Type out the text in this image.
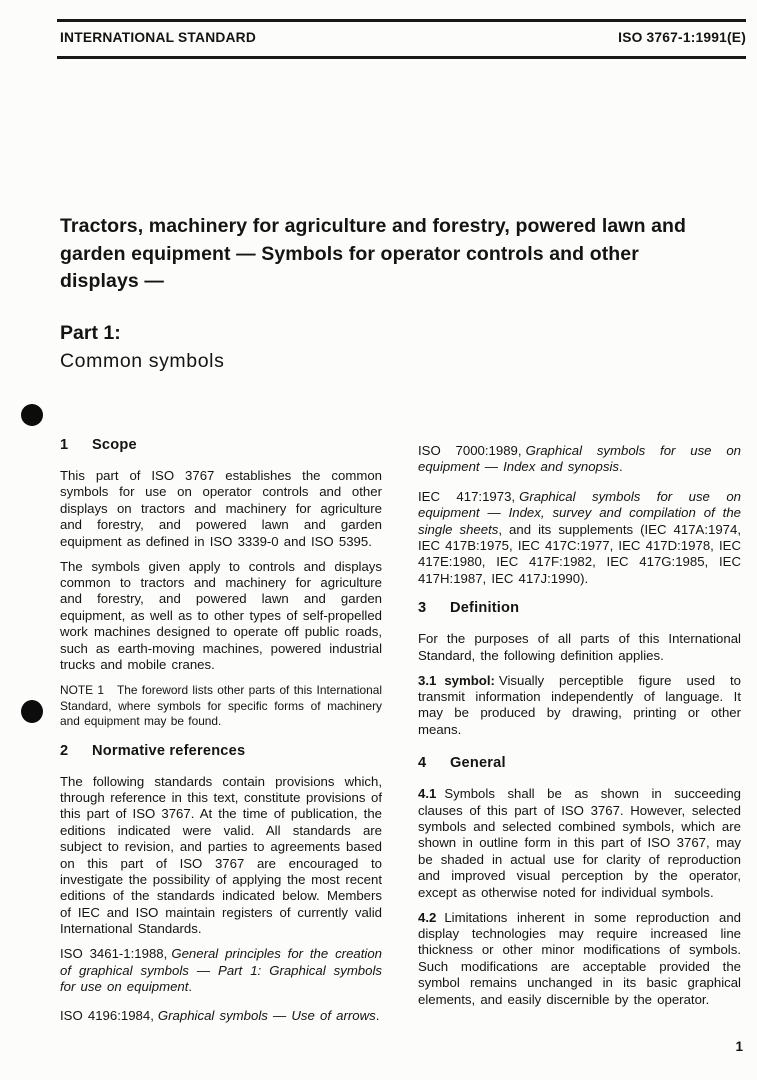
INTERNATIONAL STANDARD	ISO 3767-1:1991(E)
Tractors, machinery for agriculture and forestry, powered lawn and garden equipment — Symbols for operator controls and other displays —
Part 1:
Common symbols
1 Scope

This part of ISO 3767 establishes the common symbols for use on operator controls and other displays on tractors and machinery for agriculture and forestry, and powered lawn and garden equipment as defined in ISO 3339-0 and ISO 5395.

The symbols given apply to controls and displays common to tractors and machinery for agriculture and forestry, and powered lawn and garden equipment, as well as to other types of self-propelled work machines designed to operate off public roads, such as earth-moving machines, powered industrial trucks and mobile cranes.

NOTE 1 The foreword lists other parts of this International Standard, where symbols for specific forms of machinery and equipment may be found.

2 Normative references

The following standards contain provisions which, through reference in this text, constitute provisions of this part of ISO 3767. At the time of publication, the editions indicated were valid. All standards are subject to revision, and parties to agreements based on this part of ISO 3767 are encouraged to investigate the possibility of applying the most recent editions of the standards indicated below. Members of IEC and ISO maintain registers of currently valid International Standards.

ISO 3461-1:1988, General principles for the creation of graphical symbols — Part 1: Graphical symbols for use on equipment.

ISO 4196:1984, Graphical symbols — Use of arrows.

ISO 7000:1989, Graphical symbols for use on equipment — Index and synopsis.

IEC 417:1973, Graphical symbols for use on equipment — Index, survey and compilation of the single sheets, and its supplements (IEC 417A:1974, IEC 417B:1975, IEC 417C:1977, IEC 417D:1978, IEC 417E:1980, IEC 417F:1982, IEC 417G:1985, IEC 417H:1987, IEC 417J:1990).

3 Definition

For the purposes of all parts of this International Standard, the following definition applies.

3.1 symbol: Visually perceptible figure used to transmit information independently of language. It may be produced by drawing, printing or other means.

4 General

4.1 Symbols shall be as shown in succeeding clauses of this part of ISO 3767. However, selected symbols and selected combined symbols, which are shown in outline form in this part of ISO 3767, may be shaded in actual use for clarity of reproduction and improved visual perception by the operator, except as otherwise noted for individual symbols.

4.2 Limitations inherent in some reproduction and display technologies may require increased line thickness or other minor modifications of symbols. Such modifications are acceptable provided the symbol remains unchanged in its basic graphical elements, and easily discernible by the operator.

1
